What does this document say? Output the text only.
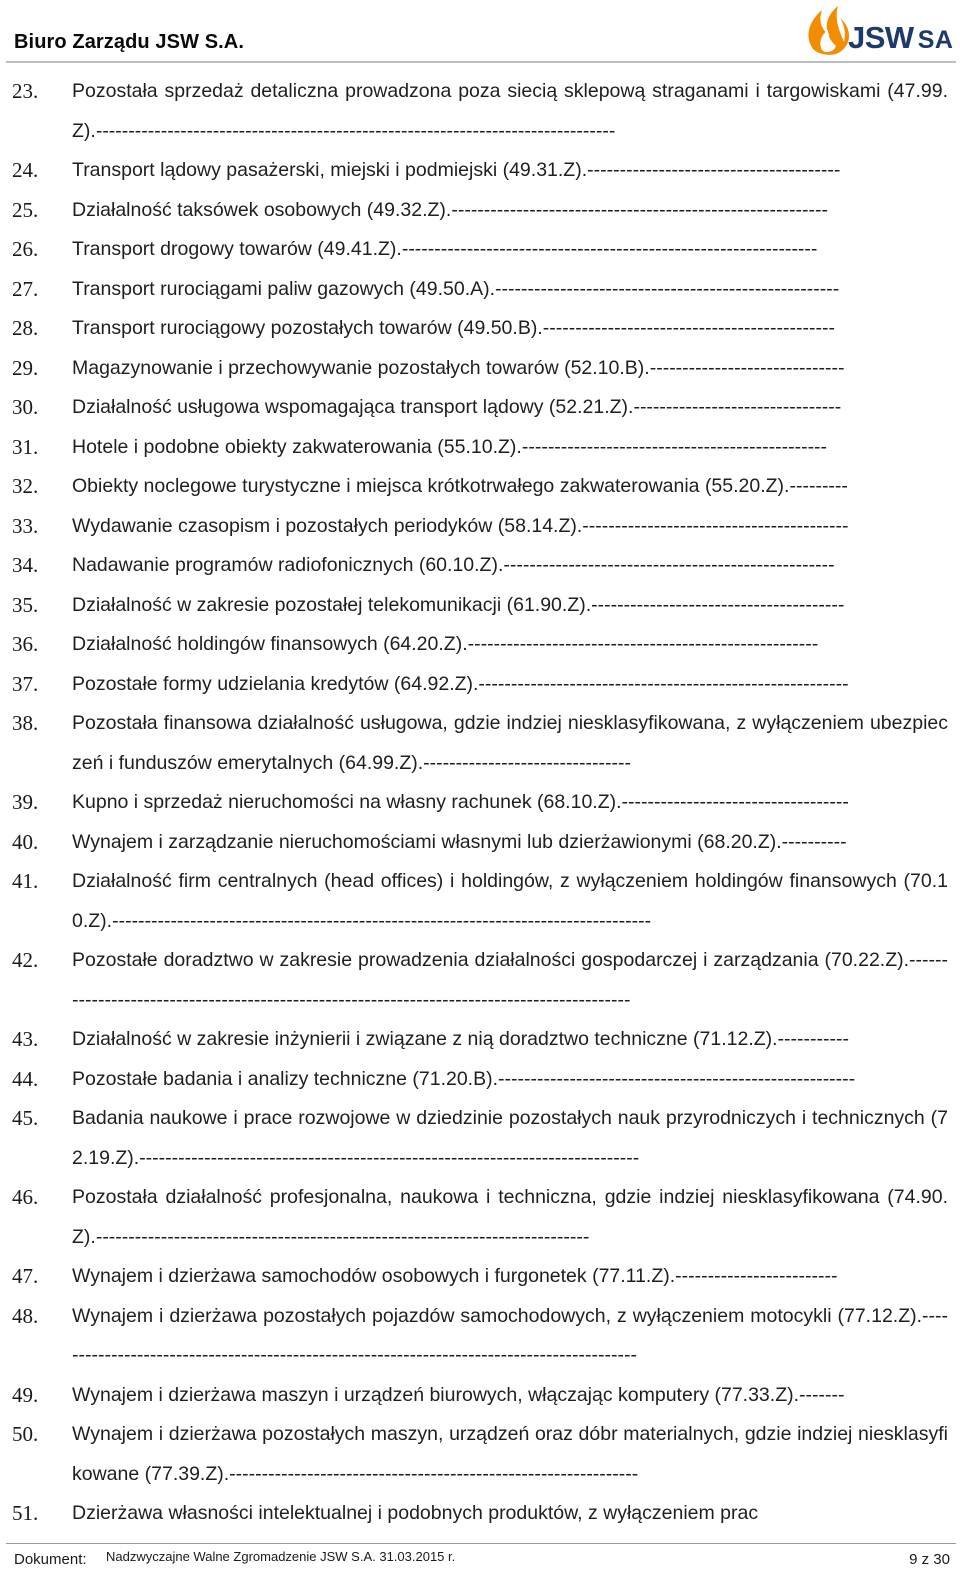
Biuro Zarządu JSW S.A.	JSW SA
23. Pozostała sprzedaż detaliczna prowadzona poza siecią sklepową straganami i targowiskami (47.99.Z).--------------------------------------------------------------------------------
24. Transport lądowy pasażerski, miejski i podmiejski (49.31.Z).---------------------------------------
25. Działalność taksówek osobowych (49.32.Z).----------------------------------------------------------
26. Transport drogowy towarów (49.41.Z).----------------------------------------------------------------
27. Transport rurociągami paliw gazowych (49.50.A).-----------------------------------------------------
28. Transport rurociągowy pozostałych towarów (49.50.B).---------------------------------------------
29. Magazynowanie i przechowywanie pozostałych towarów (52.10.B).------------------------------
30. Działalność usługowa wspomagająca transport lądowy (52.21.Z).--------------------------------
31. Hotele i podobne obiekty zakwaterowania (55.10.Z).-----------------------------------------------
32. Obiekty noclegowe turystyczne i miejsca krótkotrwałego zakwaterowania (55.20.Z).---------
33. Wydawanie czasopism i pozostałych periodyków (58.14.Z).-----------------------------------------
34. Nadawanie programów radiofonicznych (60.10.Z).---------------------------------------------------
35. Działalność w zakresie pozostałej telekomunikacji (61.90.Z).---------------------------------------
36. Działalność holdingów finansowych (64.20.Z).------------------------------------------------------
37. Pozostałe formy udzielania kredytów (64.92.Z).---------------------------------------------------------
38. Pozostała finansowa działalność usługowa, gdzie indziej niesklasyfikowana, z wyłączeniem ubezpieczeń i funduszów emerytalnych (64.99.Z).--------------------------------
39. Kupno i sprzedaż nieruchomości na własny rachunek (68.10.Z).-----------------------------------
40. Wynajem i zarządzanie nieruchomościami własnymi lub dzierżawionymi (68.20.Z).----------
41. Działalność firm centralnych (head offices) i holdingów, z wyłączeniem holdingów finansowych (70.10.Z).-----------------------------------------------------------------------------------
42. Pozostałe doradztwo w zakresie prowadzenia działalności gospodarczej i zarządzania (70.22.Z).--------------------------------------------------------------------------------------------
43. Działalność w zakresie inżynierii i związane z nią doradztwo techniczne (71.12.Z).-----------
44. Pozostałe badania i analizy techniczne (71.20.B).-------------------------------------------------------
45. Badania naukowe i prace rozwojowe w dziedzinie pozostałych nauk przyrodniczych i technicznych (72.19.Z).-----------------------------------------------------------------------------
46. Pozostała działalność profesjonalna, naukowa i techniczna, gdzie indziej niesklasyfikowana (74.90.Z).----------------------------------------------------------------------------
47. Wynajem i dzierżawa samochodów osobowych i furgonetek (77.11.Z).-------------------------
48. Wynajem i dzierżawa pozostałych pojazdów samochodowych, z wyłączeniem motocykli (77.12.Z).-------------------------------------------------------------------------------------------
49. Wynajem i dzierżawa maszyn i urządzeń biurowych, włączając komputery (77.33.Z).-------
50. Wynajem i dzierżawa pozostałych maszyn, urządzeń oraz dóbr materialnych, gdzie indziej niesklasyfikowane (77.39.Z).---------------------------------------------------------------
51. Dzierżawa własności intelektualnej i podobnych produktów, z wyłączeniem prac
Dokument: Nadzwyczajne Walne Zgromadzenie JSW S.A. 31.03.2015 r.	9 z 30
